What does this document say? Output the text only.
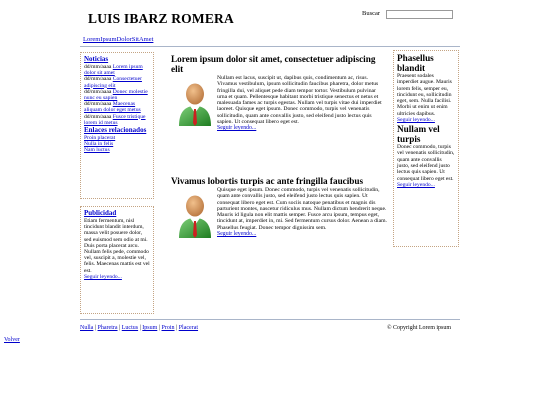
LUIS IBARZ ROMERA	Buscar
LoremIpsumDolorSitAmet
Noticias
dd/mm/aaaa Lorem ipsum dolor sit amet
dd/mm/aaaa Consectetuer adipiscing elit
dd/mm/aaaa Donec molestie nunc eu sapien
dd/mm/aaaa Maecenas aliquam dolor eget metus
dd/mm/aaaa Fusce tristique lorem id metus
Enlaces relacionados
Proin placerat
Nulla in felis
Nam luctus
Publicidad
Etiam fermentum, nisl tincidunt blandit interdum, massa velit posuere dolor, sed euismod sem odio at mi. Duis porta placerat arcu. Nullam felis pede, commodo vel, suscipit a, molestie vel, felis. Maecenas mattis est vel est.
Seguir leyendo...
Lorem ipsum dolor sit amet, consectetuer adipiscing elit
Nullam est lacus, suscipit ut, dapibus quis, condimentum ac, risus. Vivamus vestibulum, ipsum sollicitudin faucibus pharetra, dolor metus fringilla dui, vel aliquet pede diam tempor tortor. Vestibulum pulvinar urna et quam. Pellentesque habitant morbi tristique senectus et netus et malesuada fames ac turpis egestas. Nullam vel turpis vitae dui imperdiet laoreet. Quisque eget ipsum. Donec commodo, turpis vel venenatis sollicitudin, quam ante convallis justo, sed eleifend justo lectus quis sapien. Ut consequat libero eget est.
Seguir leyendo...
Vivamus lobortis turpis ac ante fringilla faucibus
Quisque eget ipsum. Donec commodo, turpis vel venenatis sollicitudin, quam ante convallis justo, sed eleifend justo lectus quis sapien. Ut consequat libero eget est. Cum sociis natoque penatibus et magnis dis parturient montes, nascetur ridiculus mus. Nullam dictum hendrerit neque. Mauris id ligula non elit mattis semper. Fusce arcu ipsum, tempus eget, tincidunt at, imperdiet in, mi. Sed fermentum cursus dolor. Aenean a diam. Phasellus feugiat. Donec tempor dignissim sem.
Seguir leyendo...
Phasellus blandit
Praesent sodales imperdiet augue. Mauris lorem felis, semper eu, tincidunt eu, sollicitudin eget, sem. Nulla facilisi. Morbi ut enim ut enim ultricies dapibus.
Seguir leyendo...
Nullam vel turpis
Donec commodo, turpis vel venenatis sollicitudin, quam ante convallis justo, sed eleifend justo lectus quis sapien. Ut consequat libero eget est.
Seguir leyendo...
Nulla | Pharetra | Luctus | Ipsum | Proin | Placerat	© Copyright Lorem ipsum
Volver
